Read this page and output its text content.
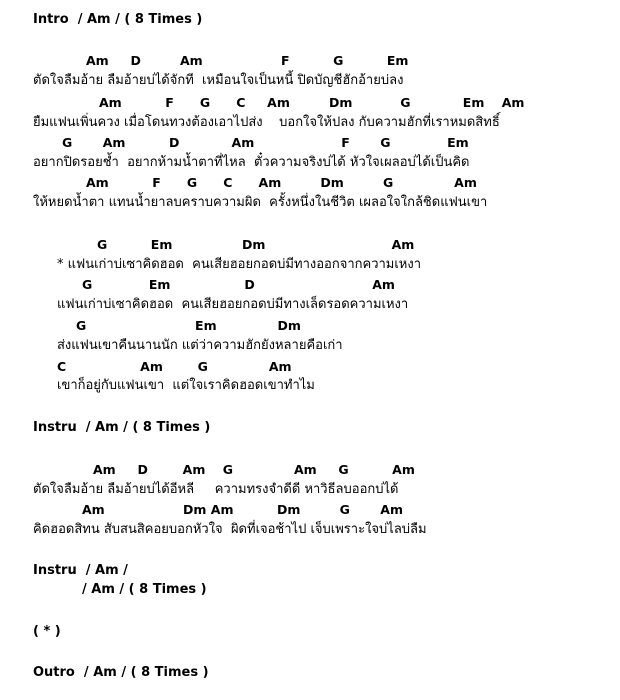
Intro  / Am / ( 8 Times )
Am     D         Am                  F          G          Em
ตัดใจลืมอ้าย ลืมอ้ายบ่ได้จักที  เหมือนใจเป็นหนี้ ปิดบัญชีฮักอ้ายบ่ลง
Am          F      G      C     Am         Dm           G            Em    Am
ยืมแฟนเพิ่นควง เมื่อโดนทวงต้องเอาไปส่ง    บอกใจให้ปลง กับความฮักที่เราหมดสิทธิ์
G       Am          D            Am                    F       G             Em
อยากปิดรอยช้ำ  อยากห้ามน้ำตาที่ไหล  ตั๋วความจริงบ่ได้ หัวใจเผลอบ่ได้เป็นคิด
Am          F      G      C      Am         Dm         G              Am
ให้หยดน้ำตา แทนน้ำยาลบคราบความผิด  ครั้งหนึ่งในชีวิต เผลอใจใกล้ชิดแฟนเขา
G          Em                Dm                             Am
* แฟนเก่าบ่เซาคิดฮอด  คนเสียฮอยกอดบ่มีทางออกจากความเหงา
G             Em                 D                           Am
แฟนเก่าบ่เซาคิดฮอด  คนเสียฮอยกอดบ่มีทางเล็ดรอดความเหงา
G                         Em              Dm
ส่งแฟนเขาคืนนานนัก แต่ว่าความฮักยังหลายคือเก่า
C                 Am        G              Am
เขาก็อยู่กับแฟนเขา  แต่ใจเราคิดฮอดเขาทำไม
Instru  / Am / ( 8 Times )
Am     D        Am    G              Am     G          Am
ตัดใจลืมอ้าย ลืมอ้ายบ่ได้อีหลี     ความทรงจำดีดี หาวิธีลบออกบ่ได้
Am                  Dm Am          Dm         G       Am
คิดฮอดสิทน สับสนสิคอยบอกหัวใจ  ผิดที่เจอช้าไป เจ็บเพราะใจบ่ไลบ่ลืม
Instru  / Am /
/ Am / ( 8 Times )
( * )
Outro  / Am / ( 8 Times )
